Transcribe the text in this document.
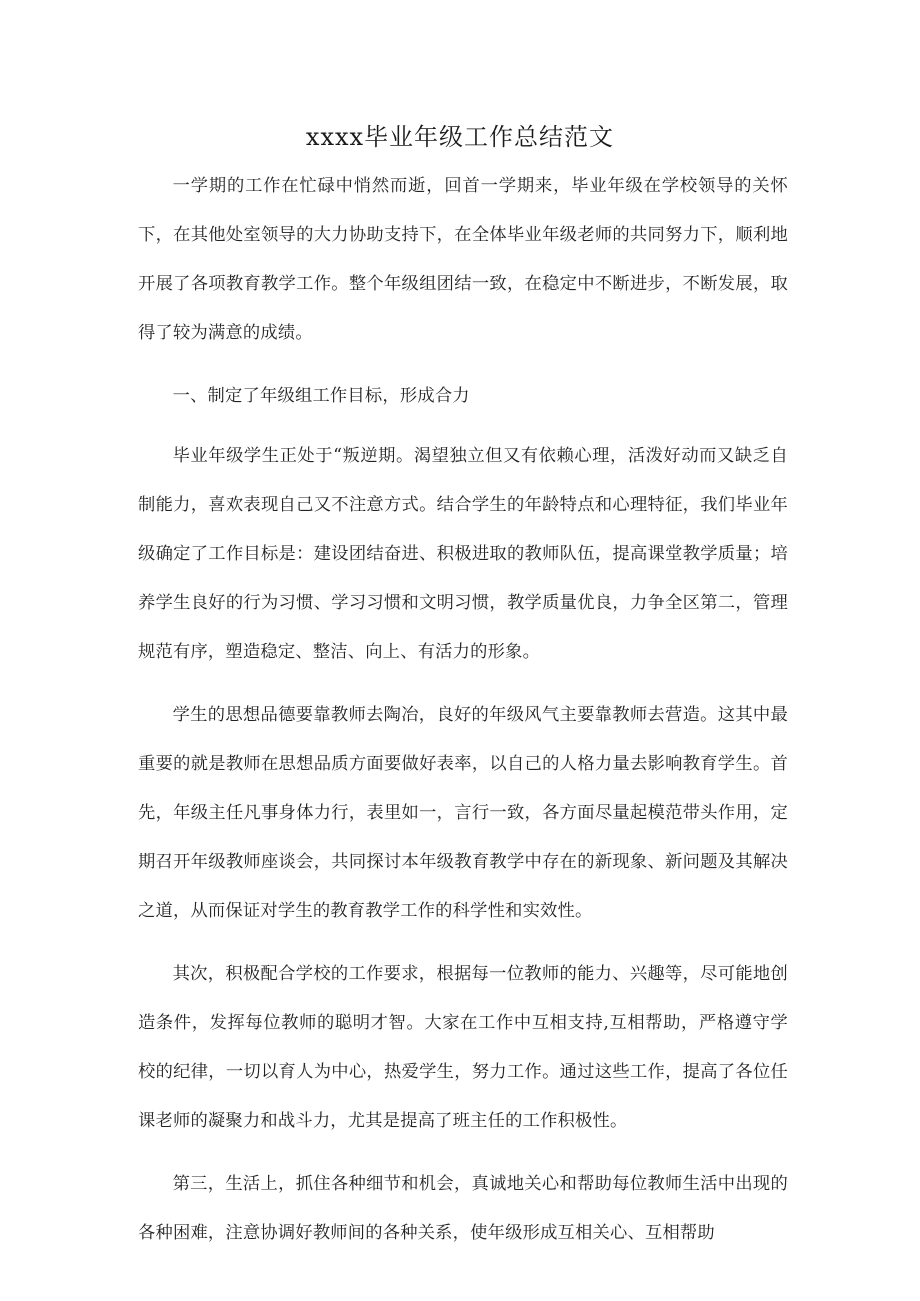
xxxx毕业年级工作总结范文

一学期的工作在忙碌中悄然而逝，回首一学期来，毕业年级在学校领导的关怀下，在其他处室领导的大力协助支持下，在全体毕业年级老师的共同努力下，顺利地开展了各项教育教学工作。整个年级组团结一致，在稳定中不断进步，不断发展，取得了较为满意的成绩。

一、制定了年级组工作目标，形成合力

毕业年级学生正处于“叛逆期。渴望独立但又有依赖心理，活泼好动而又缺乏自制能力，喜欢表现自己又不注意方式。结合学生的年龄特点和心理特征，我们毕业年级确定了工作目标是：建设团结奋进、积极进取的教师队伍，提高课堂教学质量；培养学生良好的行为习惯、学习习惯和文明习惯，教学质量优良，力争全区第二，管理规范有序，塑造稳定、整洁、向上、有活力的形象。

学生的思想品德要靠教师去陶冶，良好的年级风气主要靠教师去营造。这其中最重要的就是教师在思想品质方面要做好表率，以自己的人格力量去影响教育学生。首先，年级主任凡事身体力行，表里如一，言行一致，各方面尽量起模范带头作用，定期召开年级教师座谈会，共同探讨本年级教育教学中存在的新现象、新问题及其解决之道，从而保证对学生的教育教学工作的科学性和实效性。

其次，积极配合学校的工作要求，根据每一位教师的能力、兴趣等，尽可能地创造条件，发挥每位教师的聪明才智。大家在工作中互相支持,互相帮助，严格遵守学校的纪律，一切以育人为中心，热爱学生，努力工作。通过这些工作，提高了各位任课老师的凝聚力和战斗力，尤其是提高了班主任的工作积极性。

第三，生活上，抓住各种细节和机会，真诚地关心和帮助每位教师生活中出现的各种困难，注意协调好教师间的各种关系，使年级形成互相关心、互相帮助
